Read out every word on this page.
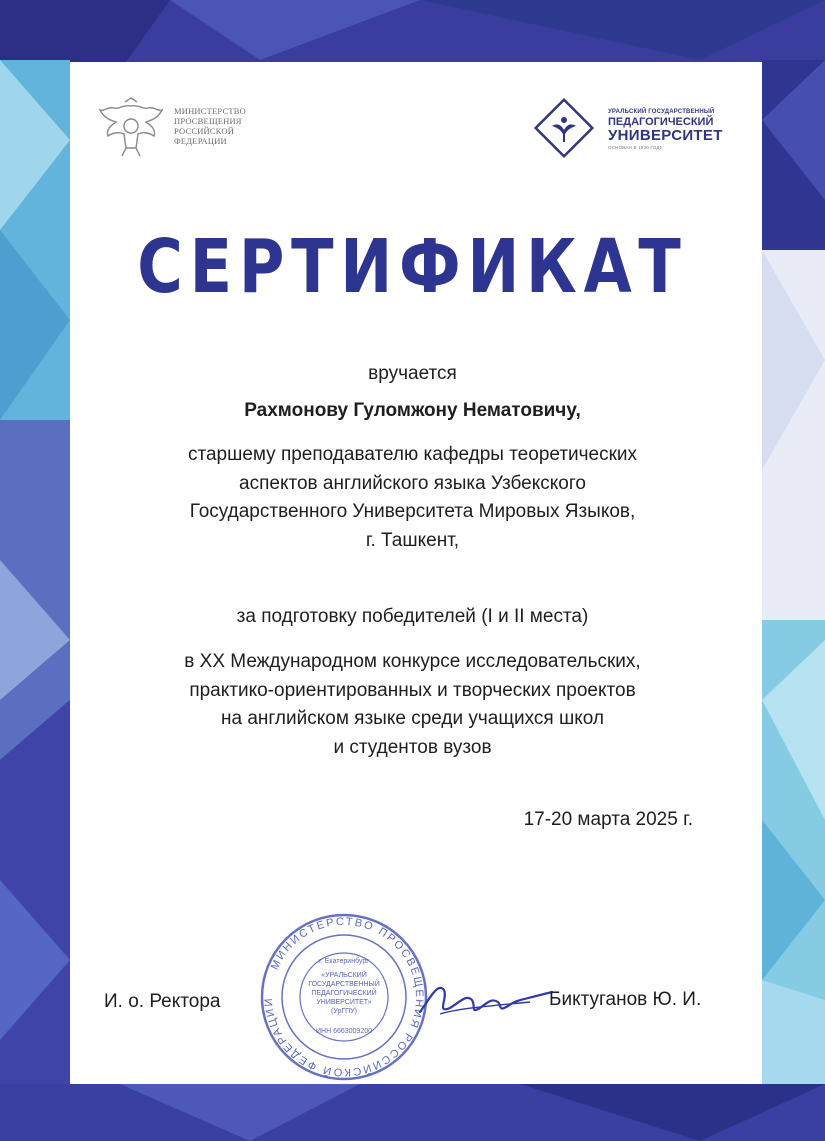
МИНИСТЕРСТВО
ПРОСВЕЩЕНИЯ
РОССИЙСКОЙ
ФЕДЕРАЦИИ
УРАЛЬСКИЙ ГОСУДАРСТВЕННЫЙ
ПЕДАГОГИЧЕСКИЙ
УНИВЕРСИТЕТ
ОСНОВАН В 1930 ГОДУ
СЕРТИФИКАТ
вручается
Рахмонову Гуломжону Нематовичу,
старшему преподавателю кафедры теоретических
аспектов английского языка Узбекского
Государственного Университета Мировых Языков,
г. Ташкент,
за подготовку победителей (I и II места)
в XX Международном конкурсе исследовательских,
практико-ориентированных и творческих проектов
на английском языке среди учащихся школ
и студентов вузов
17-20 марта 2025 г.
И. о. Ректора
МИНИСТЕРСТВО ПРОСВЕЩЕНИЯ РОССИЙСКОЙ ФЕДЕРАЦИИ
г. Екатеринбург
«УРАЛЬСКИЙ ГОСУДАРСТВЕННЫЙ ПЕДАГОГИЧЕСКИЙ УНИВЕРСИТЕТ» (УрГПУ)
ИНН 6663009200
Биктуганов Ю. И.
